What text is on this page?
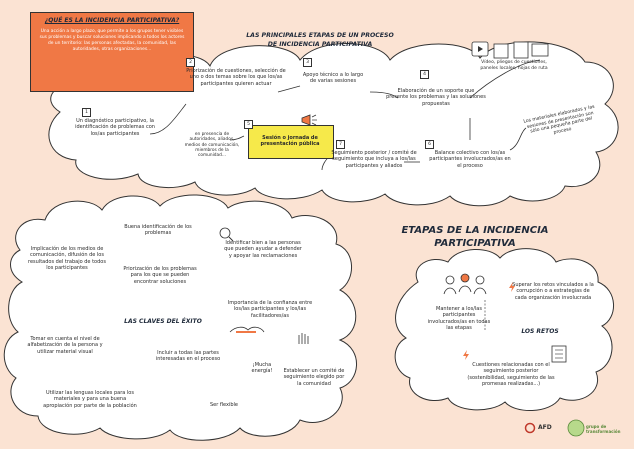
¿QUÉ ES LA INCIDENCIA PARTICIPATIVA?
Una acción a largo plazo, que permite a los grupos tener visibles sus problemas y buscar soluciones implicando a todos los actores de un territorio: las personas afectadas, la comunidad, las autoridades, otras organizaciones...
LAS PRINCIPALES ETAPAS DE UN PROCESO
DE INCIDENCIA PARTICIPATIVA
1
Un diagnóstico participativo, la identificación de problemas con los/as participantes
2
Priorización de cuestiones, selección de uno o dos temas sobre los que los/as participantes quieren actuar
3
Apoyo técnico a lo largo de varias sesiones
4
Elaboración de un soporte que presente los problemas y las soluciones propuestas
5
Sesión o jornada de presentación pública	6
Balance colectivo con los/as participantes involucrados/as en el proceso
7
Seguimiento posterior / comité de seguimiento que incluya a los/las participantes y aliados
Vídeo, pliegos de cuestiones, paneles locales, hojas de ruta
en presencia de autoridades, aliados, medios de comunicación, miembros de la comunidad...
Los materiales elaborados y las sesiones de presentación son sólo una pequeña parte del proceso
ETAPAS DE LA INCIDENCIA
PARTICIPATIVA
LAS CLAVES DEL ÉXITO
Implicación de los medios de comunicación, difusión de los resultados del trabajo de todos los participantes
Buena identificación de los problemas
Identificar bien a las personas que pueden ayudar a defender y apoyar las reclamaciones
Priorización de los problemas para los que se pueden encontrar soluciones
Importancia de la confianza entre los/las participantes y los/las facilitadores/as
Tomar en cuenta el nivel de alfabetización de la persona y utilizar material visual	Incluir a todas las partes interesadas en el proceso
¡Mucha energía!	Establecer un comité de seguimiento elegido por la comunidad
Utilizar las lenguas locales para los materiales y para una buena apropiación por parte de la población	Ser flexible
LOS RETOS
Mantener a los/las participantes involucrados/as en todas las etapas
Superar los retos vinculados a la corrupción o a estrategias de cada organización involucrada
Cuestiones relacionadas con el seguimiento posterior (sostenibilidad, seguimiento de las promesas realizadas...)
AFD	grupo de transformación
